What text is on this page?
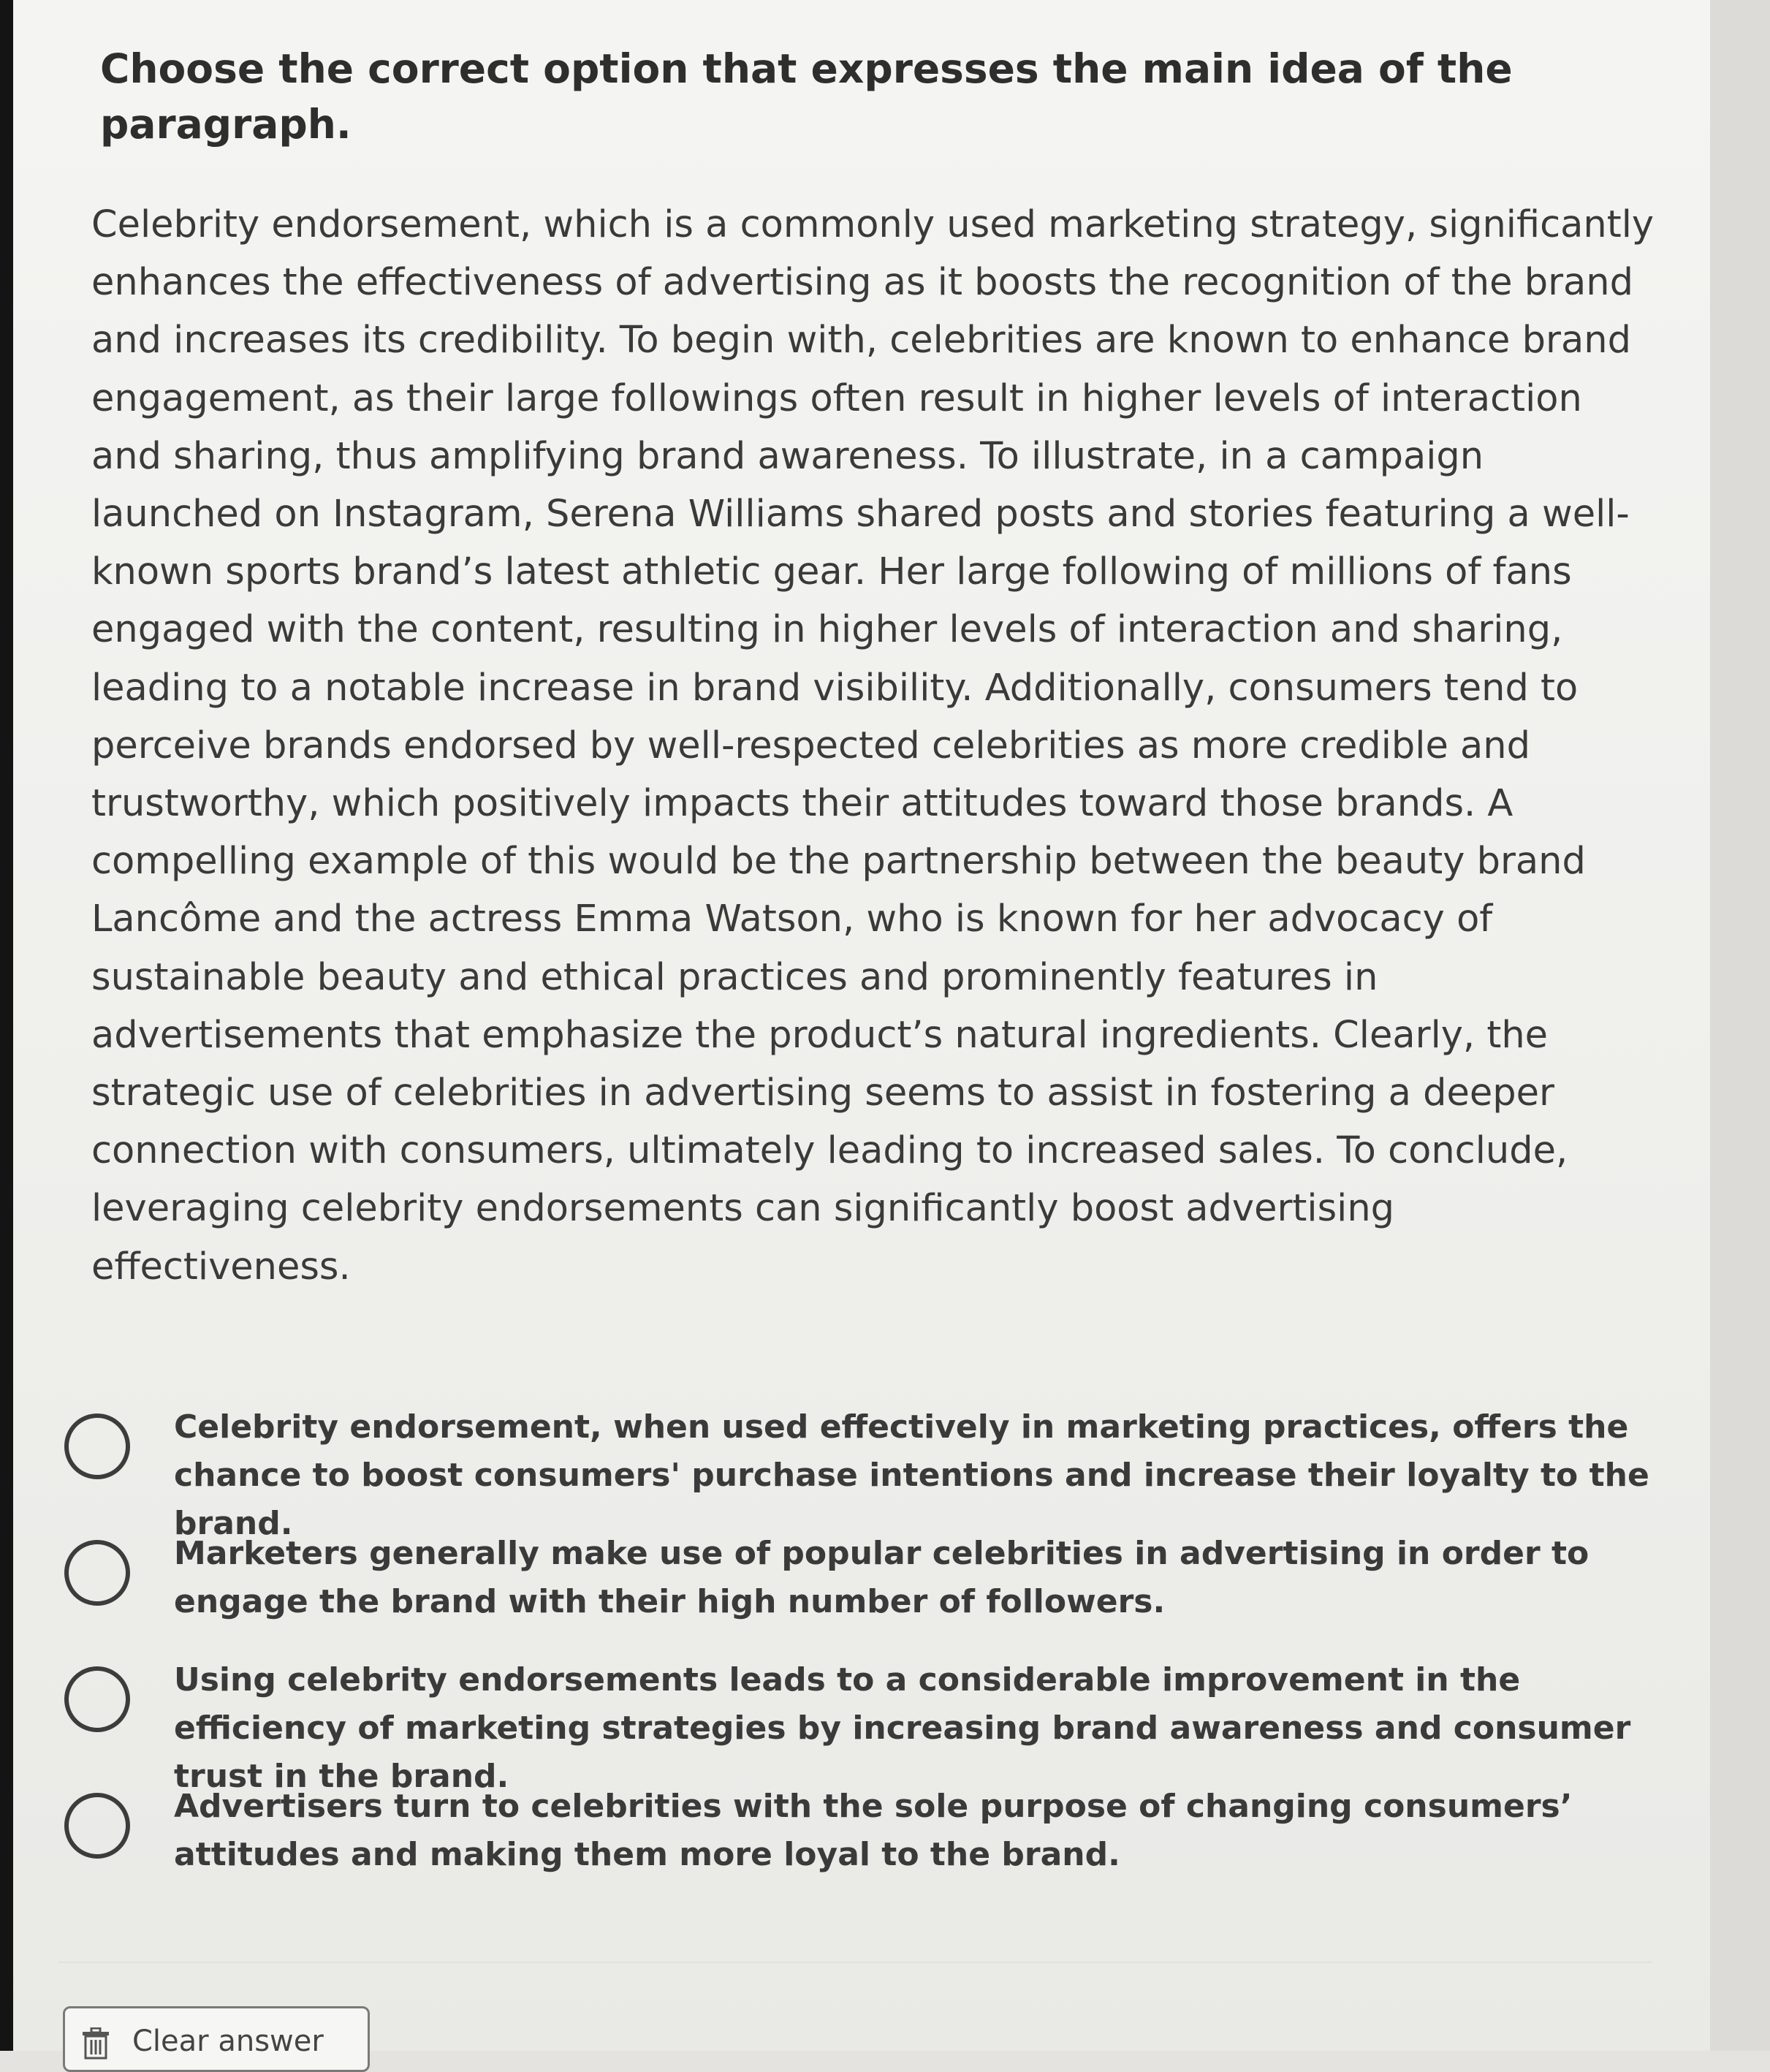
Choose the correct option that expresses the main idea of the paragraph.

Celebrity endorsement, which is a commonly used marketing strategy, significantly enhances the effectiveness of advertising as it boosts the recognition of the brand and increases its credibility. To begin with, celebrities are known to enhance brand engagement, as their large followings often result in higher levels of interaction and sharing, thus amplifying brand awareness. To illustrate, in a campaign launched on Instagram, Serena Williams shared posts and stories featuring a well-known sports brand’s latest athletic gear. Her large following of millions of fans engaged with the content, resulting in higher levels of interaction and sharing, leading to a notable increase in brand visibility. Additionally, consumers tend to perceive brands endorsed by well-respected celebrities as more credible and trustworthy, which positively impacts their attitudes toward those brands. A compelling example of this would be the partnership between the beauty brand Lancôme and the actress Emma Watson, who is known for her advocacy of sustainable beauty and ethical practices and prominently features in advertisements that emphasize the product’s natural ingredients. Clearly, the strategic use of celebrities in advertising seems to assist in fostering a deeper connection with consumers, ultimately leading to increased sales. To conclude, leveraging celebrity endorsements can significantly boost advertising effectiveness.

Celebrity endorsement, when used effectively in marketing practices, offers the chance to boost consumers' purchase intentions and increase their loyalty to the brand.
Marketers generally make use of popular celebrities in advertising in order to engage the brand with their high number of followers.
Using celebrity endorsements leads to a considerable improvement in the efficiency of marketing strategies by increasing brand awareness and consumer trust in the brand.
Advertisers turn to celebrities with the sole purpose of changing consumers’ attitudes and making them more loyal to the brand.
Clear answer
